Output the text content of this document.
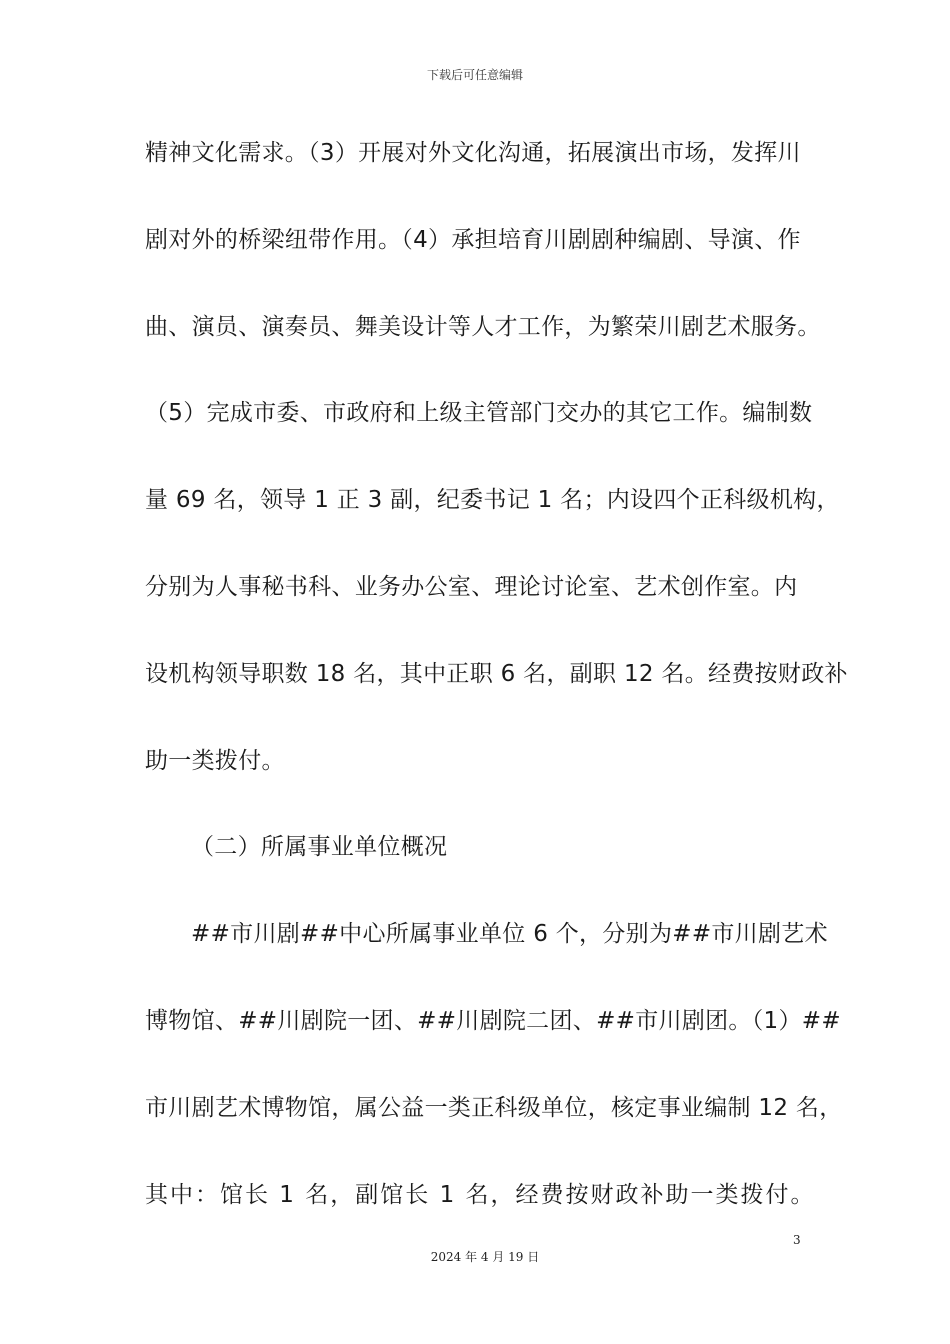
下载后可任意编辑
精神文化需求。（3）开展对外文化沟通，拓展演出市场，发挥川
剧对外的桥梁纽带作用。（4）承担培育川剧剧种编剧、导演、作
曲、演员、演奏员、舞美设计等人才工作，为繁荣川剧艺术服务。
（5）完成市委、市政府和上级主管部门交办的其它工作。编制数
量 69 名，领导 1 正 3 副，纪委书记 1 名；内设四个正科级机构，
分别为人事秘书科、业务办公室、理论讨论室、艺术创作室。内
设机构领导职数 18 名，其中正职 6 名，副职 12 名。经费按财政补
助一类拨付。
（二）所属事业单位概况
##市川剧##中心所属事业单位 6 个，分别为##市川剧艺术
博物馆、##川剧院一团、##川剧院二团、##市川剧团。（1）##
市川剧艺术博物馆，属公益一类正科级单位，核定事业编制 12 名，
其中：馆长 1 名，副馆长 1 名，经费按财政补助一类拨付。
3
2024 年 4 月 19 日
